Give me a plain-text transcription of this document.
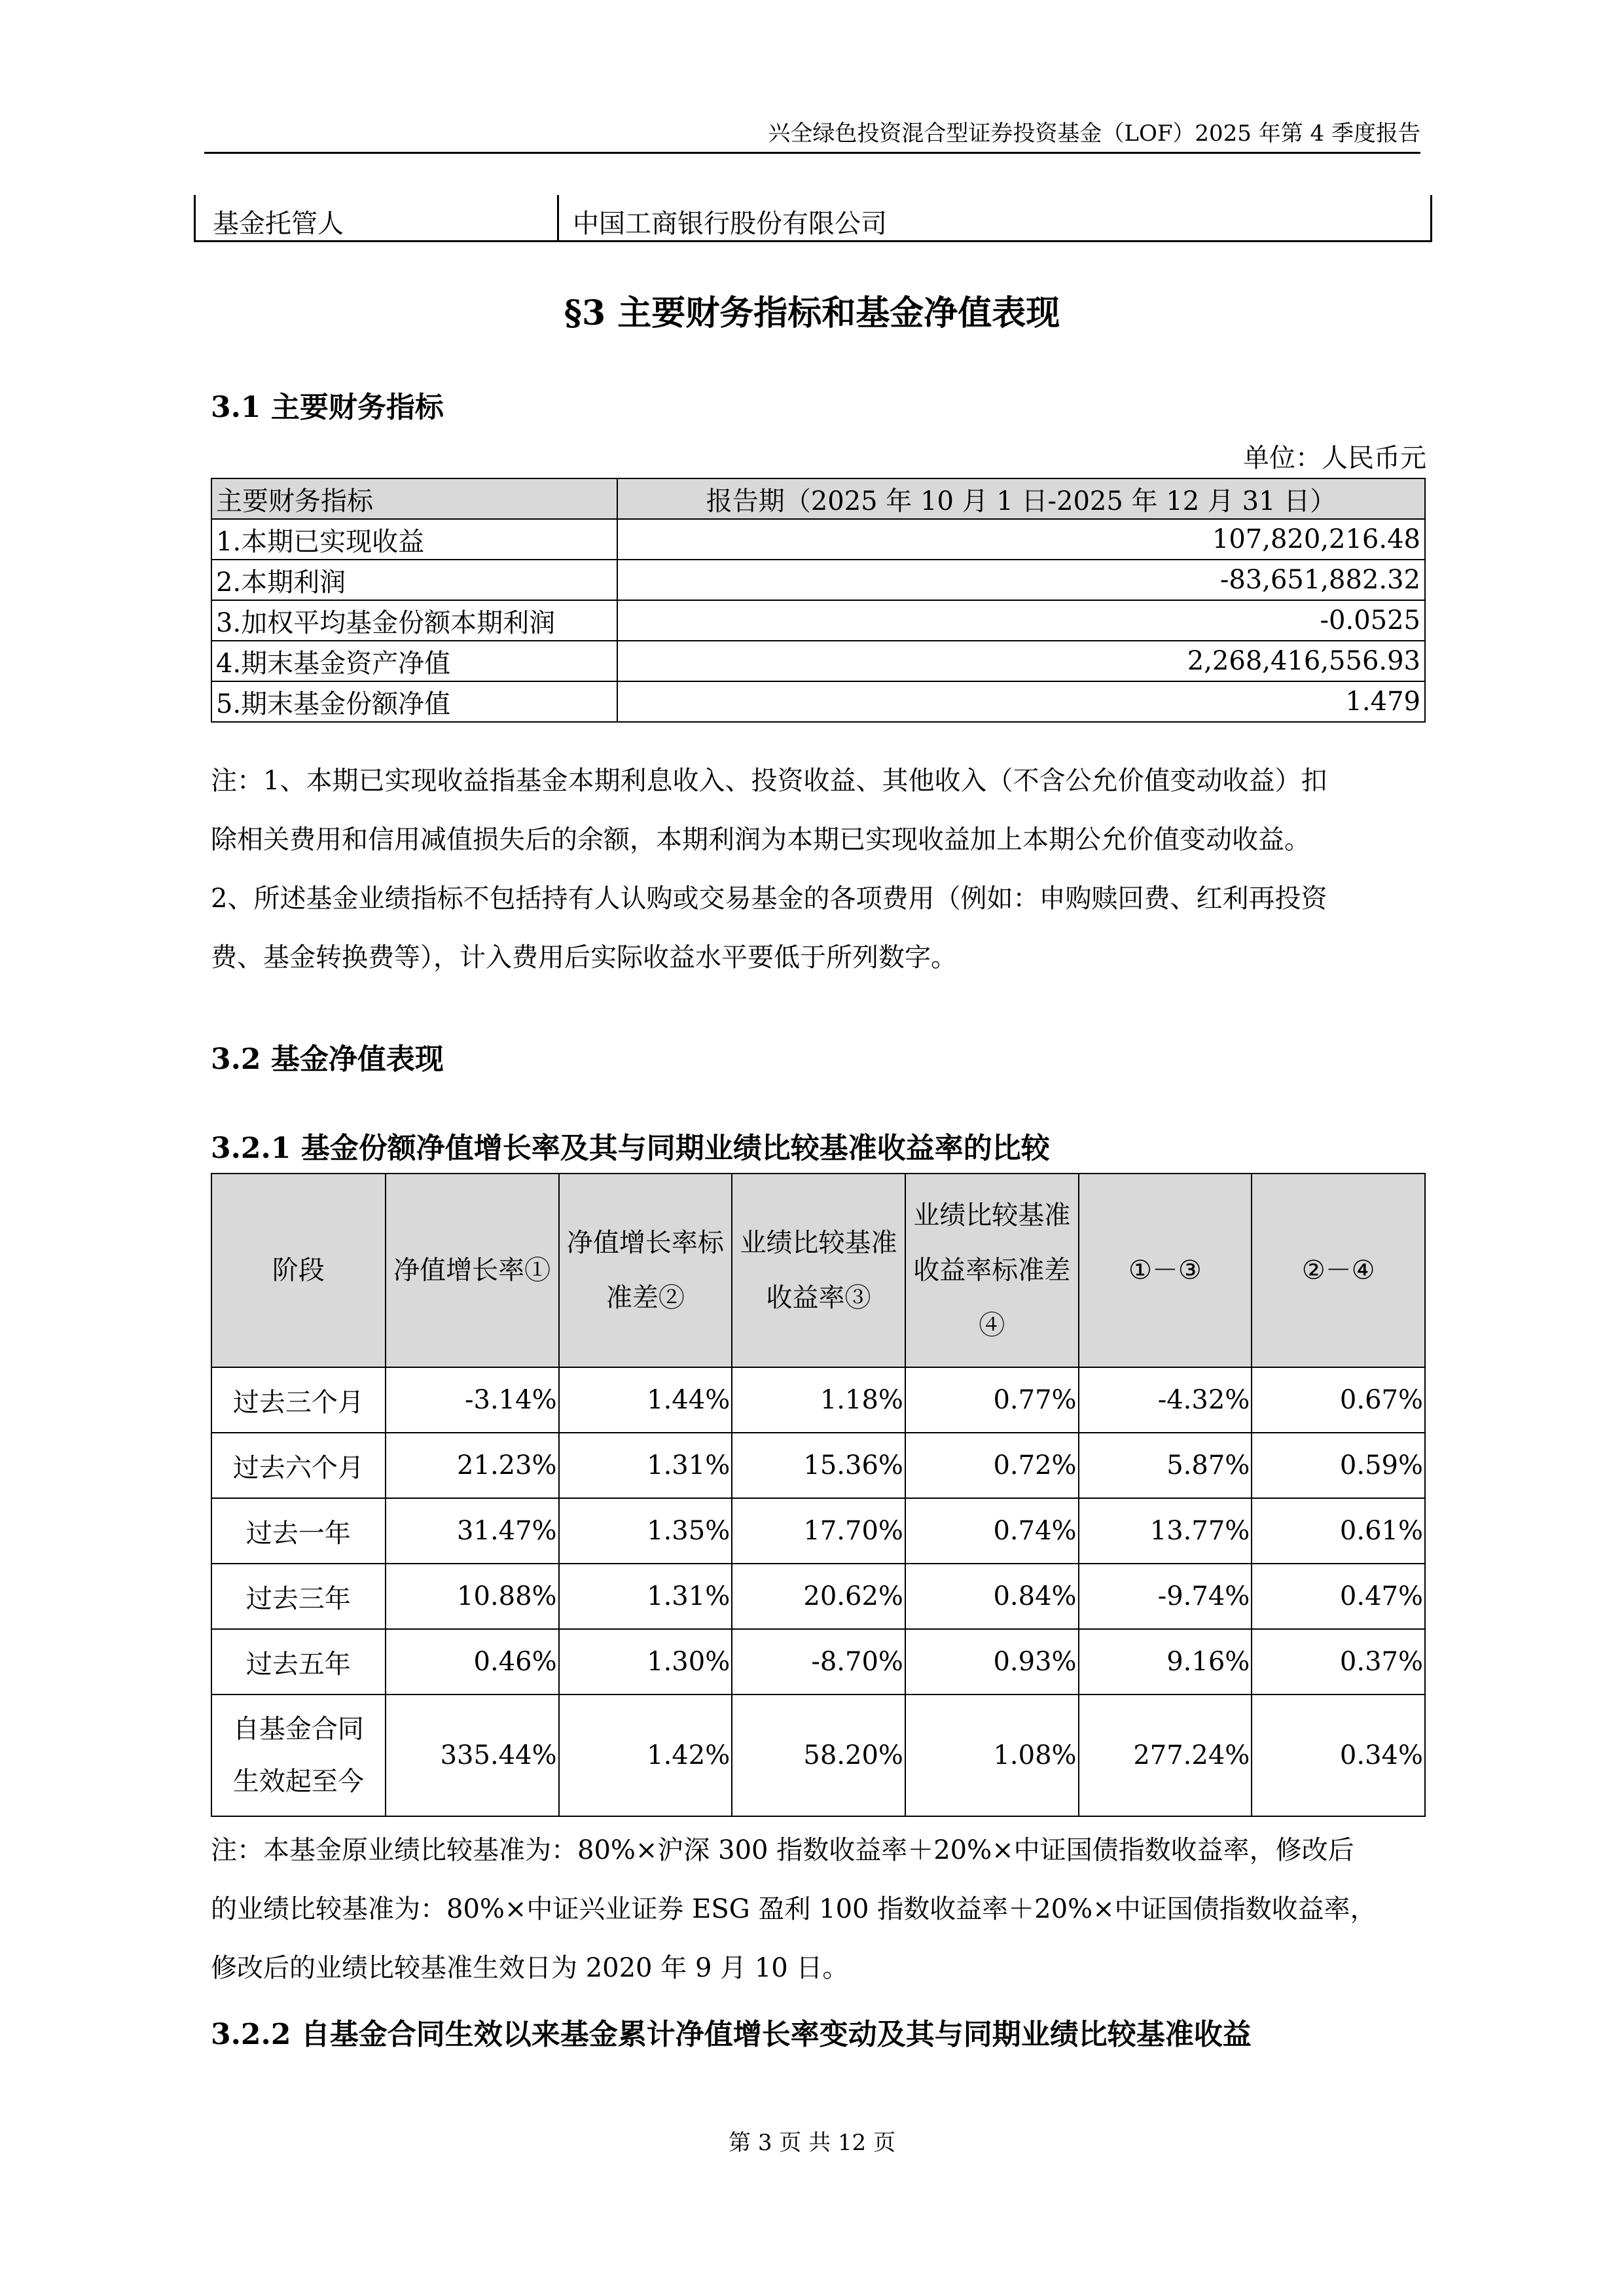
兴全绿色投资混合型证券投资基金（LOF）2025 年第 4 季度报告
基金托管人	中国工商银行股份有限公司
§3 主要财务指标和基金净值表现
3.1 主要财务指标
单位：人民币元
主要财务指标	报告期（2025 年 10 月 1 日-2025 年 12 月 31 日）
1.本期已实现收益	107,820,216.48
2.本期利润	-83,651,882.32
3.加权平均基金份额本期利润	-0.0525
4.期末基金资产净值	2,268,416,556.93
5.期末基金份额净值	1.479
注：1、本期已实现收益指基金本期利息收入、投资收益、其他收入（不含公允价值变动收益）扣
除相关费用和信用减值损失后的余额，本期利润为本期已实现收益加上本期公允价值变动收益。
2、所述基金业绩指标不包括持有人认购或交易基金的各项费用（例如：申购赎回费、红利再投资
费、基金转换费等），计入费用后实际收益水平要低于所列数字。
3.2 基金净值表现
3.2.1 基金份额净值增长率及其与同期业绩比较基准收益率的比较
阶段	净值增长率①	净值增长率标准差②	业绩比较基准收益率③	业绩比较基准收益率标准差④	①－③	②－④
过去三个月	-3.14%	1.44%	1.18%	0.77%	-4.32%	0.67%
过去六个月	21.23%	1.31%	15.36%	0.72%	5.87%	0.59%
过去一年	31.47%	1.35%	17.70%	0.74%	13.77%	0.61%
过去三年	10.88%	1.31%	20.62%	0.84%	-9.74%	0.47%
过去五年	0.46%	1.30%	-8.70%	0.93%	9.16%	0.37%
自基金合同生效起至今	335.44%	1.42%	58.20%	1.08%	277.24%	0.34%
注：本基金原业绩比较基准为：80%×沪深 300 指数收益率＋20%×中证国债指数收益率，修改后
的业绩比较基准为：80%×中证兴业证券 ESG 盈利 100 指数收益率＋20%×中证国债指数收益率，
修改后的业绩比较基准生效日为 2020 年 9 月 10 日。
3.2.2 自基金合同生效以来基金累计净值增长率变动及其与同期业绩比较基准收益
第 3 页 共 12 页
